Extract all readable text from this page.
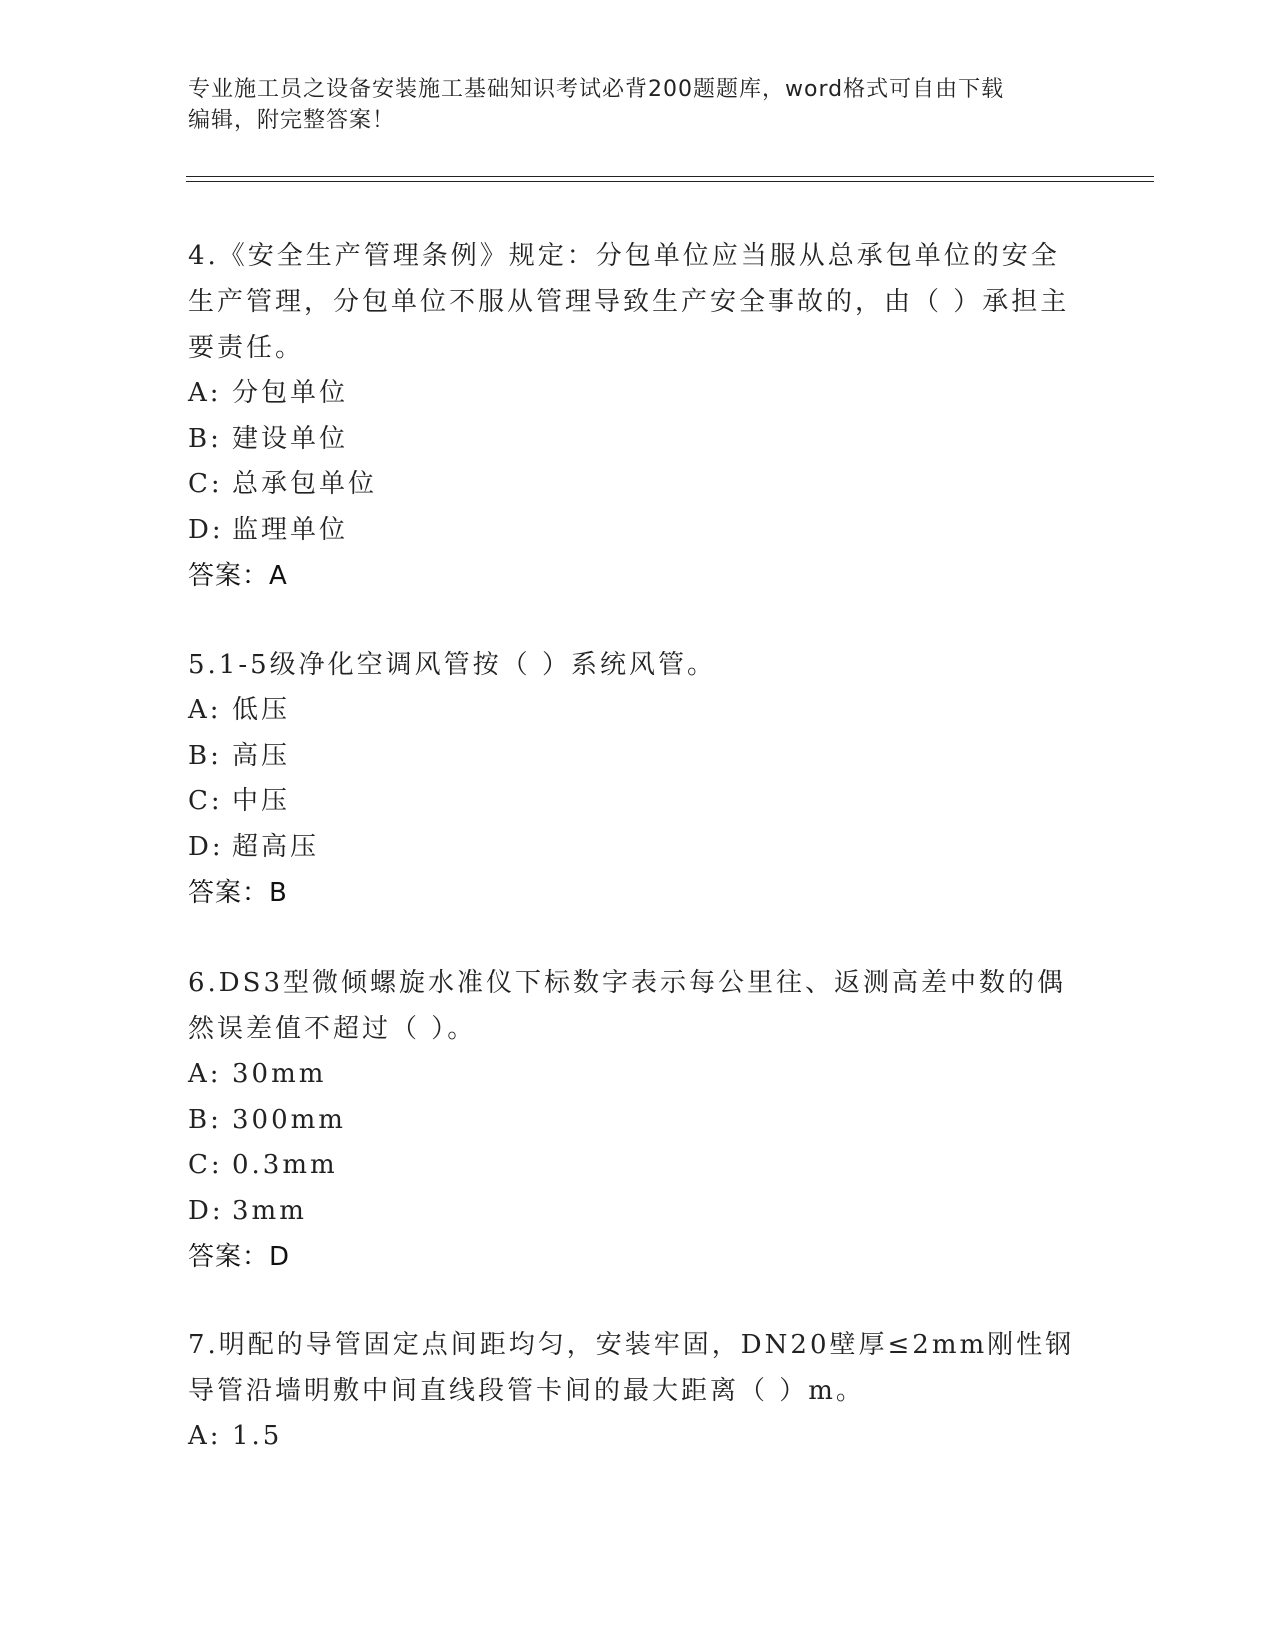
专业施工员之设备安装施工基础知识考试必背200题题库，word格式可自由下载
编辑，附完整答案！

4.《安全生产管理条例》规定：分包单位应当服从总承包单位的安全生产管理，分包单位不服从管理导致生产安全事故的，由（ ）承担主要责任。

A: 分包单位

B: 建设单位

C: 总承包单位

D: 监理单位

答案：A

5.1-5级净化空调风管按（ ）系统风管。

A: 低压

B: 高压

C: 中压

D: 超高压

答案：B

6.DS3型微倾螺旋水准仪下标数字表示每公里往、返测高差中数的偶然误差值不超过（ ）。

A: 30mm

B: 300mm

C: 0.3mm

D: 3mm

答案：D

7.明配的导管固定点间距均匀，安装牢固，DN20壁厚≤2mm刚性钢导管沿墙明敷中间直线段管卡间的最大距离（ ）m。

A: 1.5
